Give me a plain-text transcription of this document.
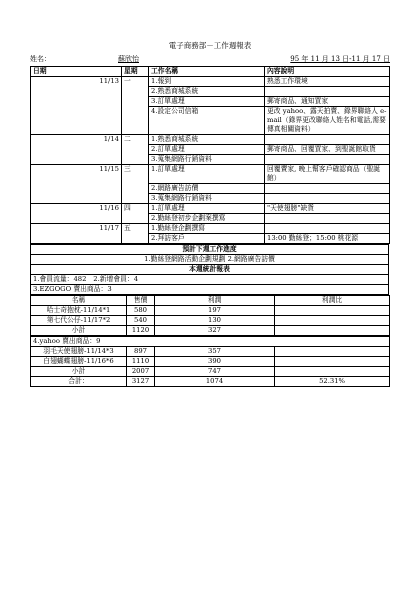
電子商務部－工作週報表
姓名：	蘇欣怡	95 年 11 月 13 日-11 月 17 日
日期	星期	工作名稱	內容說明
11/13	一	1.報到	熟悉工作環境
		2.熟悉商城系統	
		3.訂單處理	郵寄商品、通知買家
		4.設定公司信箱	更改 yahoo、露天拍賣、錄界聯絡人 e-mail（錄界更改聯絡人姓名和電話,需要傳真相關資料）
1/14	二	1.熟悉商城系統	
		2.訂單處理	郵寄商品、回覆買家、到聖誕館取貨
		3.蒐集網路行銷資料	
11/15	三	1.訂單處理	回覆賣家, 晚上幫客戶確認商品（聖誕館）
		2.網路廣告訪價	
		3.蒐集網路行銷資料	
11/16	四	1.訂單處理	"天使翅膀"缺貨
		2.勤絲登初步企劃案撰寫	
11/17	五	1.勤絲登企劃撰寫	
		2.拜訪客戶	13:00 勤絲登；15:00 桃花源
預計下週工作進度
1.勤絲登網路活動企劃規劃 2.網路廣告訪價
本週統計報表
1.會員流量：482　2.新增會員：4
3.EZGOGO 賣出商品：3
名稱	售價	利潤	利潤比
哈士奇抱枕-11/14*1	580	197	
第七代公仔-11/17*2	540	130	
小計	1120	327	
4.yahoo 賣出商品：9			
羽毛天使翅膀-11/14*3	897	357	
白翅蝴蝶翅膀-11/16*6	1110	390	
小計	2007	747	
合計：	3127	1074	52.31%
